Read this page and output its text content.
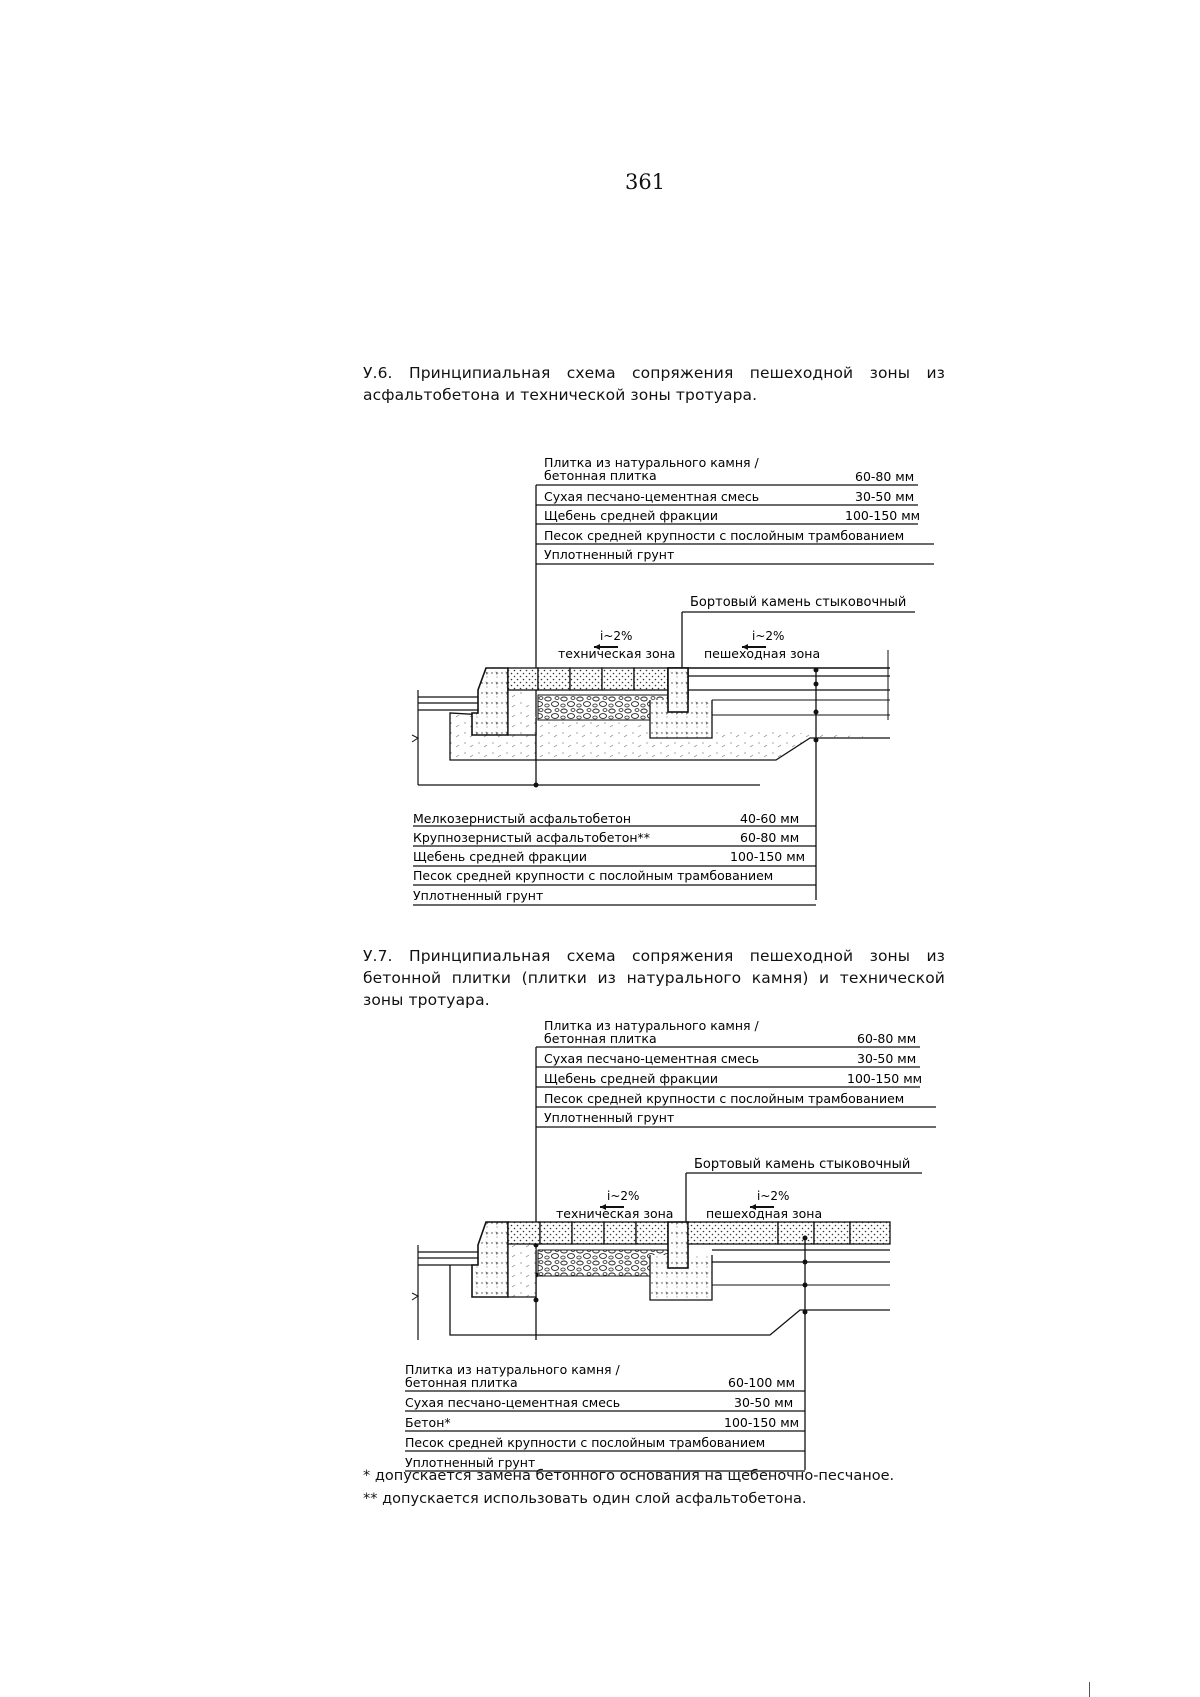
361
У.6. Принципиальная схема сопряжения пешеходной зоны из асфальтобетона и технической зоны тротуара.
У.7. Принципиальная схема сопряжения пешеходной зоны из бетонной плитки (плитки из натурального камня) и технической зоны тротуара.
Плитка из натурального камня /
бетонная плитка	60-80 мм
Сухая песчано-цементная смесь	30-50 мм
Щебень средней фракции	100-150 мм
Песок средней крупности с послойным трамбованием
Уплотненный грунт
Бортовый камень стыковочный
i~2%
техническая зона
i~2%
пешеходная зона
Мелкозернистый асфальтобетон	40-60 мм
Крупнозернистый асфальтобетон**	60-80 мм
Щебень средней фракции	100-150 мм
Песок средней крупности с послойным трамбованием
Уплотненный грунт
Плитка из натурального камня /
бетонная плитка	60-80 мм
Сухая песчано-цементная смесь	30-50 мм
Щебень средней фракции	100-150 мм
Песок средней крупности с послойным трамбованием
Уплотненный грунт
Бортовый камень стыковочный
i~2%
техническая зона
i~2%
пешеходная зона
Плитка из натурального камня /
бетонная плитка	60-100 мм
Сухая песчано-цементная смесь	30-50 мм
Бетон*	100-150 мм
Песок средней крупности с послойным трамбованием
Уплотненный грунт
* допускается замена бетонного основания на щебеночно-песчаное.
** допускается использовать один слой асфальтобетона.
